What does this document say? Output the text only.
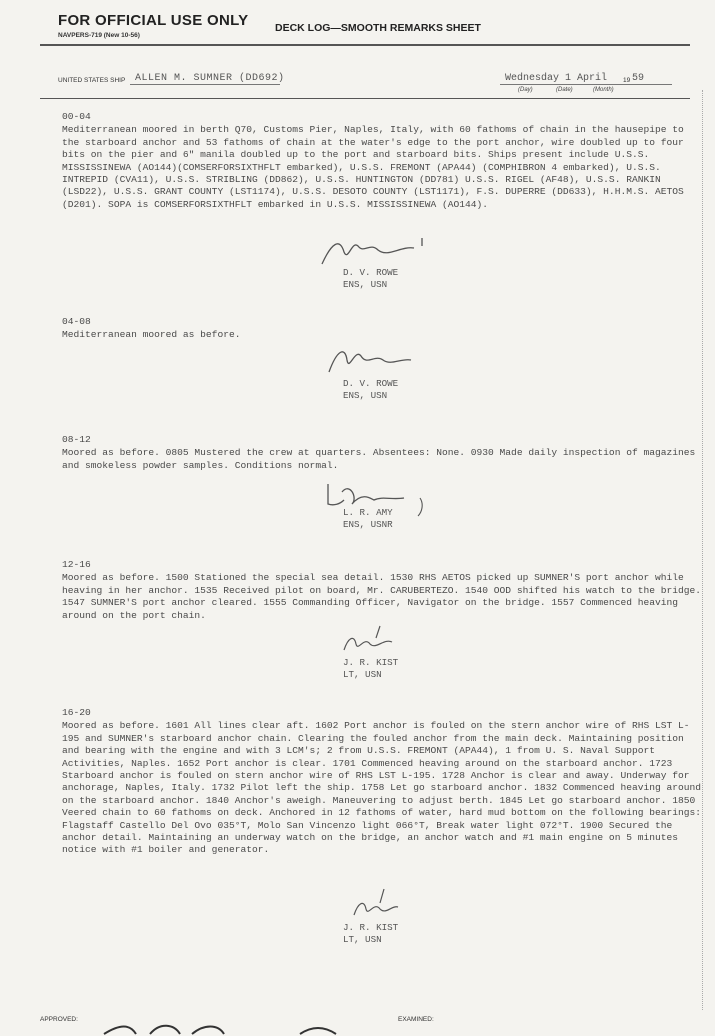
FOR OFFICIAL USE ONLY
NAVPERS-719 (New 10-56)
DECK LOG—SMOOTH REMARKS SHEET
UNITED STATES SHIP ALLEN M. SUMNER (DD692)	Wednesday 1 April 19 59
(Day)	(Date)	(Month)
00-04
Mediterranean moored in berth Q70, Customs Pier, Naples, Italy, with 60 fathoms of chain in the hausepipe to the starboard anchor and 53 fathoms of chain at the water's edge to the port anchor, wire doubled up to four bits on the pier and 6" manila doubled up to the port and starboard bits. Ships present include U.S.S. MISSISSINEWA (AO144)(COMSERFORSIXTHFLT embarked), U.S.S. FREMONT (APA44) (COMPHIBRON 4 embarked), U.S.S. INTREPID (CVA11), U.S.S. STRIBLING (DD862), U.S.S. HUNTINGTON (DD781) U.S.S. RIGEL (AF48), U.S.S. RANKIN (LSD22), U.S.S. GRANT COUNTY (LST1174), U.S.S. DESOTO COUNTY (LST1171), F.S. DUPERRE (DD633), H.H.M.S. AETOS (D201). SOPA is COMSERFORSIXTHFLT embarked in U.S.S. MISSISSINEWA (AO144).
D. V. ROWE
ENS, USN
04-08
Mediterranean moored as before.
D. V. ROWE
ENS, USN
08-12
Moored as before. 0805 Mustered the crew at quarters. Absentees: None. 0930 Made daily inspection of magazines and smokeless powder samples. Conditions normal.
L. R. AMY
ENS, USNR
12-16
Moored as before. 1500 Stationed the special sea detail. 1530 RHS AETOS picked up SUMNER'S port anchor while heaving in her anchor. 1535 Received pilot on board, Mr. CARUBERTEZO. 1540 OOD shifted his watch to the bridge. 1547 SUMNER'S port anchor cleared. 1555 Commanding Officer, Navigator on the bridge. 1557 Commenced heaving around on the port chain.
J. R. KIST
LT, USN
16-20
Moored as before. 1601 All lines clear aft. 1602 Port anchor is fouled on the stern anchor wire of RHS LST L-195 and SUMNER's starboard anchor chain. Clearing the fouled anchor from the main deck. Maintaining position and bearing with the engine and with 3 LCM's; 2 from U.S.S. FREMONT (APA44), 1 from U. S. Naval Support Activities, Naples. 1652 Port anchor is clear. 1701 Commenced heaving around on the starboard anchor. 1723 Starboard anchor is fouled on stern anchor wire of RHS LST L-195. 1728 Anchor is clear and away. Underway for anchorage, Naples, Italy. 1732 Pilot left the ship. 1758 Let go starboard anchor. 1832 Commenced heaving around on the starboard anchor. 1840 Anchor's aweigh. Maneuvering to adjust berth. 1845 Let go starboard anchor. 1850 Veered chain to 60 fathoms on deck. Anchored in 12 fathoms of water, hard mud bottom on the following bearings: Flagstaff Castello Del Ovo 035°T, Molo San Vincenzo light 066°T, Break water light 072°T. 1900 Secured the anchor detail. Maintaining an underway watch on the bridge, an anchor watch and #1 main engine on 5 minutes notice with #1 boiler and generator.
J. R. KIST
LT, USN
APPROVED:	EXAMINED:
